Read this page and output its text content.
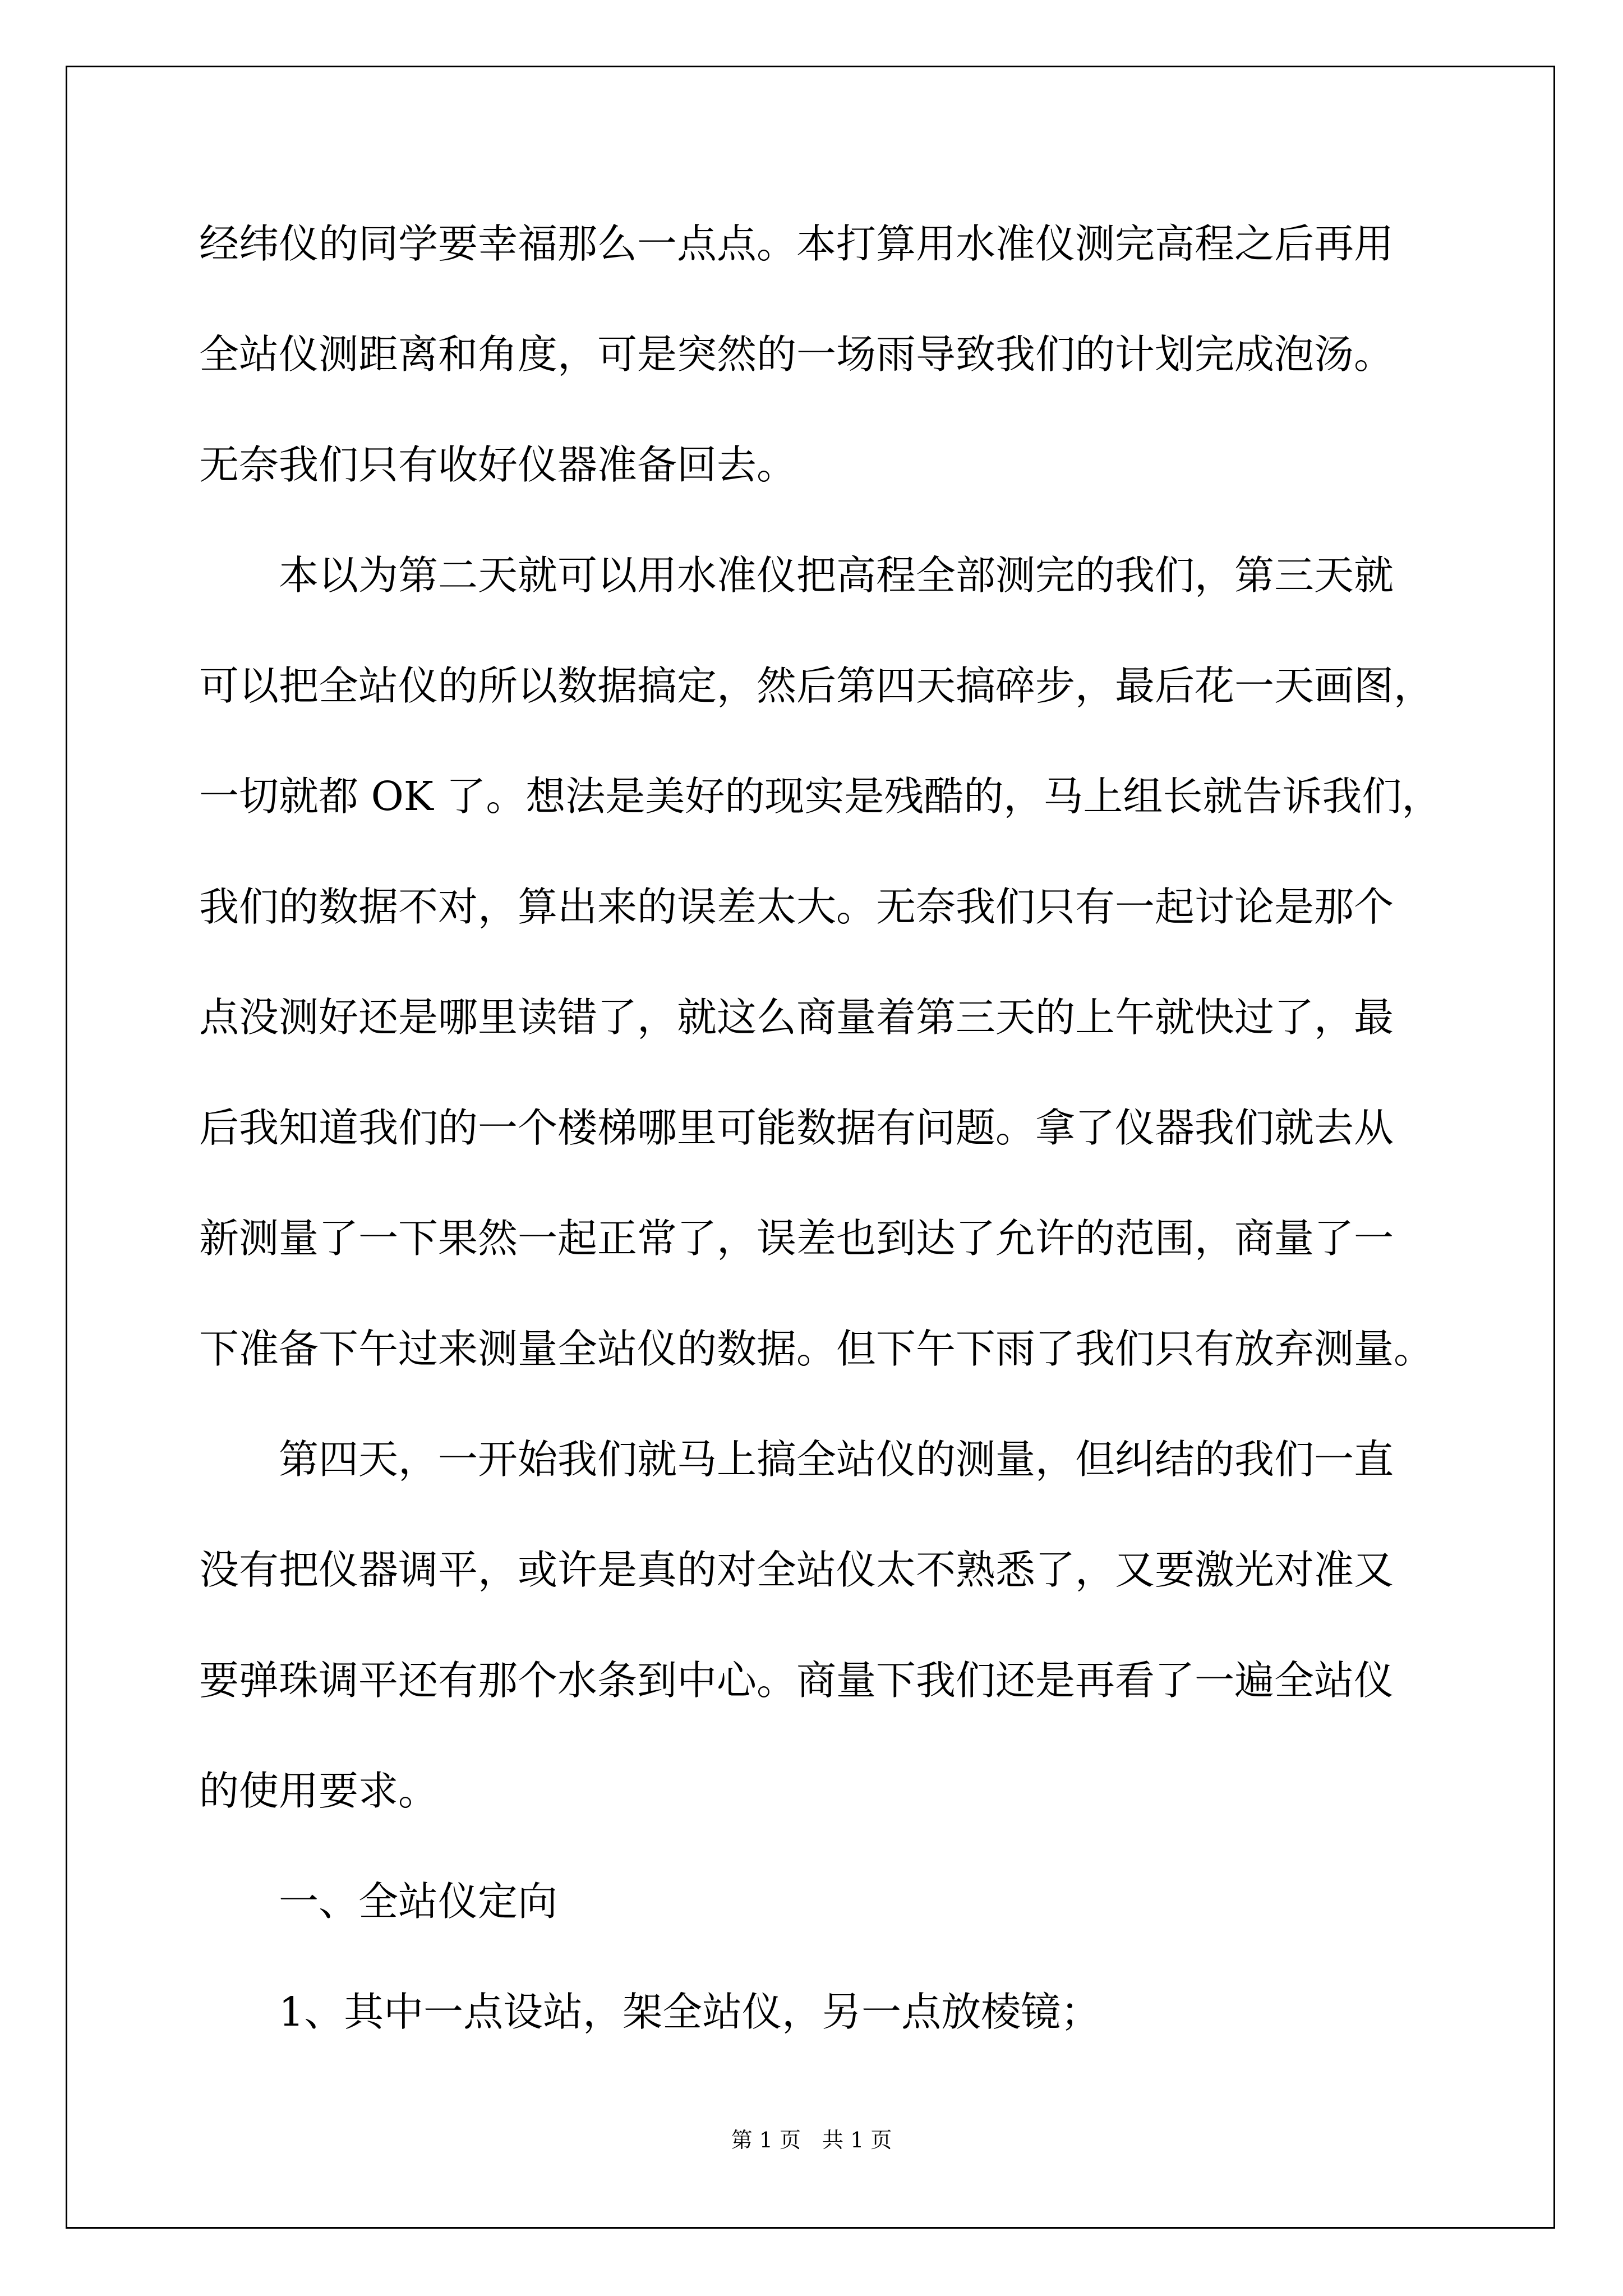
经纬仪的同学要幸福那么一点点。本打算用水准仪测完高程之后再用
全站仪测距离和角度，可是突然的一场雨导致我们的计划完成泡汤。
无奈我们只有收好仪器准备回去。
　　本以为第二天就可以用水准仪把高程全部测完的我们，第三天就
可以把全站仪的所以数据搞定，然后第四天搞碎步，最后花一天画图，
一切就都 OK 了。想法是美好的现实是残酷的，马上组长就告诉我们，
我们的数据不对，算出来的误差太大。无奈我们只有一起讨论是那个
点没测好还是哪里读错了，就这么商量着第三天的上午就快过了，最
后我知道我们的一个楼梯哪里可能数据有问题。拿了仪器我们就去从
新测量了一下果然一起正常了，误差也到达了允许的范围，商量了一
下准备下午过来测量全站仪的数据。但下午下雨了我们只有放弃测量。
　　第四天，一开始我们就马上搞全站仪的测量，但纠结的我们一直
没有把仪器调平，或许是真的对全站仪太不熟悉了，又要激光对准又
要弹珠调平还有那个水条到中心。商量下我们还是再看了一遍全站仪
的使用要求。
　　一、全站仪定向
　　1、其中一点设站，架全站仪，另一点放棱镜；
第 1 页　共 1 页
